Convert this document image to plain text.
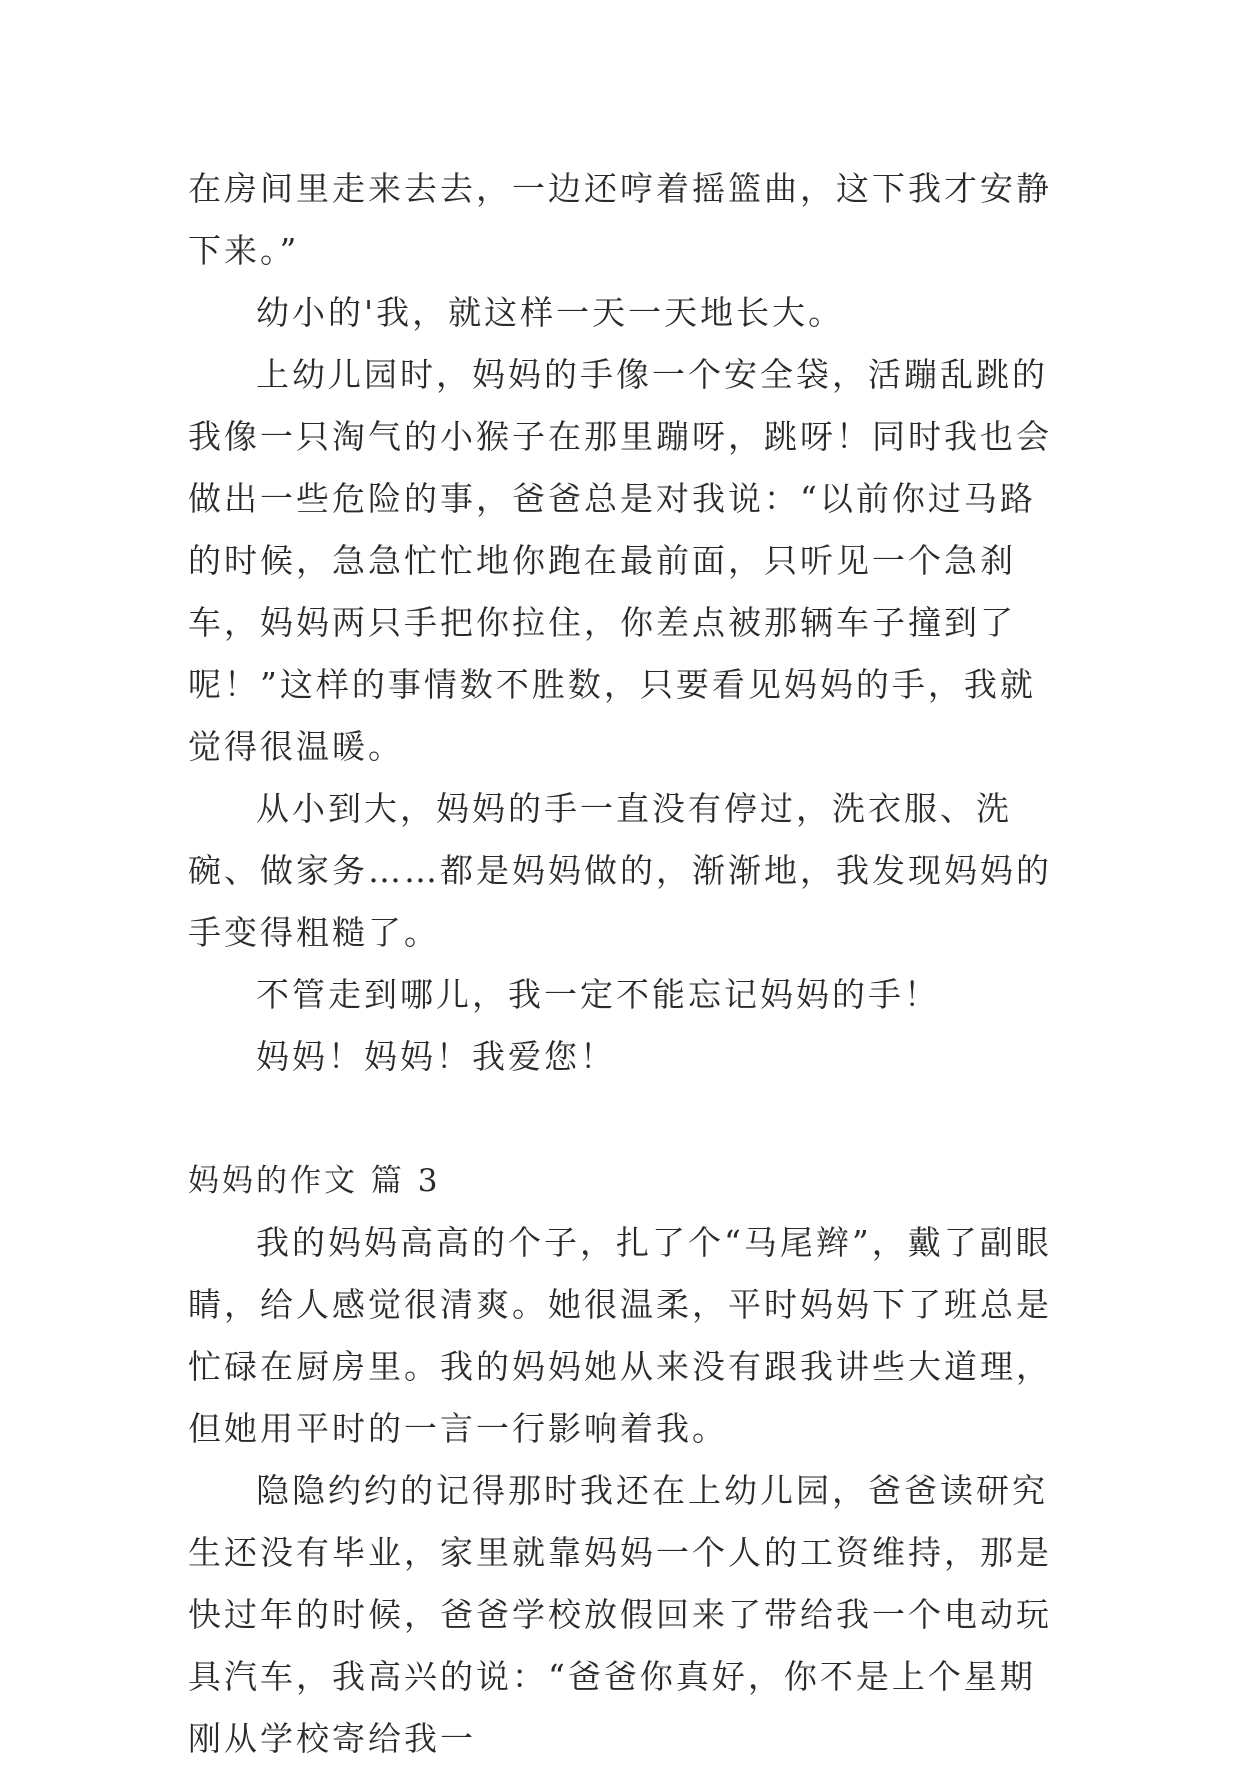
在房间里走来去去，一边还哼着摇篮曲，这下我才安静下来。”

幼小的'我，就这样一天一天地长大。

上幼儿园时，妈妈的手像一个安全袋，活蹦乱跳的我像一只淘气的小猴子在那里蹦呀，跳呀！同时我也会做出一些危险的事，爸爸总是对我说：“以前你过马路的时候，急急忙忙地你跑在最前面，只听见一个急刹车，妈妈两只手把你拉住，你差点被那辆车子撞到了呢！”这样的事情数不胜数，只要看见妈妈的手，我就觉得很温暖。

从小到大，妈妈的手一直没有停过，洗衣服、洗碗、做家务……都是妈妈做的，渐渐地，我发现妈妈的手变得粗糙了。

不管走到哪儿，我一定不能忘记妈妈的手！

妈妈！妈妈！我爱您！

妈妈的作文 篇 3

我的妈妈高高的个子，扎了个“马尾辫”，戴了副眼睛，给人感觉很清爽。她很温柔，平时妈妈下了班总是忙碌在厨房里。我的妈妈她从来没有跟我讲些大道理，但她用平时的一言一行影响着我。

隐隐约约的记得那时我还在上幼儿园，爸爸读研究生还没有毕业，家里就靠妈妈一个人的工资维持，那是快过年的时候，爸爸学校放假回来了带给我一个电动玩具汽车，我高兴的说：“爸爸你真好，你不是上个星期刚从学校寄给我一
